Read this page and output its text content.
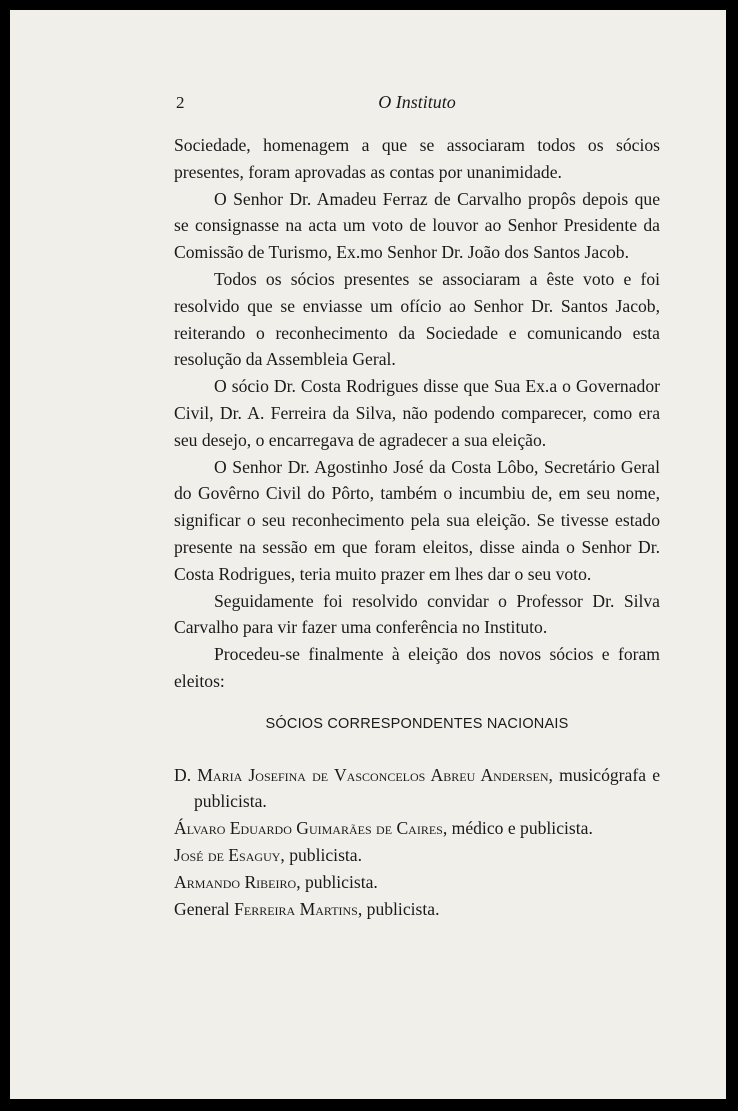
2	O Instituto

Sociedade, homenagem a que se associaram todos os sócios presentes, foram aprovadas as contas por unanimidade.

O Senhor Dr. Amadeu Ferraz de Carvalho propôs depois que se consignasse na acta um voto de louvor ao Senhor Presidente da Comissão de Turismo, Ex.mo Senhor Dr. João dos Santos Jacob.

Todos os sócios presentes se associaram a êste voto e foi resolvido que se enviasse um ofício ao Senhor Dr. Santos Jacob, reiterando o reconhecimento da Sociedade e comunicando esta resolução da Assembleia Geral.

O sócio Dr. Costa Rodrigues disse que Sua Ex.a o Governador Civil, Dr. A. Ferreira da Silva, não podendo comparecer, como era seu desejo, o encarregava de agradecer a sua eleição.

O Senhor Dr. Agostinho José da Costa Lôbo, Secretário Geral do Govêrno Civil do Pôrto, também o incumbiu de, em seu nome, significar o seu reconhecimento pela sua eleição. Se tivesse estado presente na sessão em que foram eleitos, disse ainda o Senhor Dr. Costa Rodrigues, teria muito prazer em lhes dar o seu voto.

Seguidamente foi resolvido convidar o Professor Dr. Silva Carvalho para vir fazer uma conferência no Instituto.

Procedeu-se finalmente à eleição dos novos sócios e foram eleitos:

SÓCIOS CORRESPONDENTES NACIONAIS
D. Maria Josefina de Vasconcelos Abreu Andersen, musicógrafa e publicista.
Álvaro Eduardo Guimarães de Caires, médico e publicista.
José de Esaguy, publicista.
Armando Ribeiro, publicista.
General Ferreira Martins, publicista.
